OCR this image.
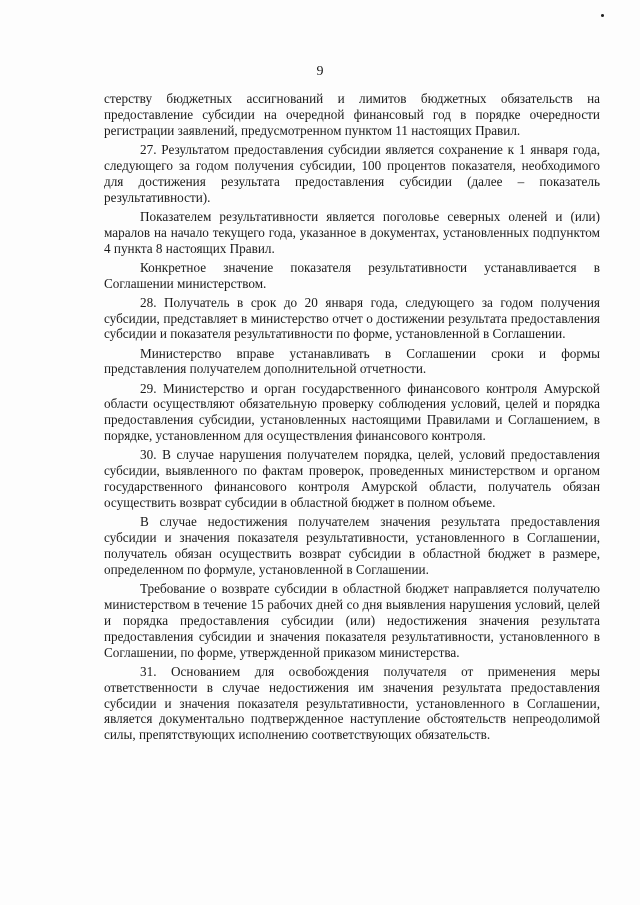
9

стерству бюджетных ассигнований и лимитов бюджетных обязательств на предоставление субсидии на очередной финансовый год в порядке очередности регистрации заявлений, предусмотренном пунктом 11 настоящих Правил.

27. Результатом предоставления субсидии является сохранение к 1 января года, следующего за годом получения субсидии, 100 процентов показателя, необходимого для достижения результата предоставления субсидии (далее – показатель результативности).

Показателем результативности является поголовье северных оленей и (или) маралов на начало текущего года, указанное в документах, установленных подпунктом 4 пункта 8 настоящих Правил.

Конкретное значение показателя результативности устанавливается в Соглашении министерством.

28. Получатель в срок до 20 января года, следующего за годом получения субсидии, представляет в министерство отчет о достижении результата предоставления субсидии и показателя результативности по форме, установленной в Соглашении.

Министерство вправе устанавливать в Соглашении сроки и формы представления получателем дополнительной отчетности.

29. Министерство и орган государственного финансового контроля Амурской области осуществляют обязательную проверку соблюдения условий, целей и порядка предоставления субсидии, установленных настоящими Правилами и Соглашением, в порядке, установленном для осуществления финансового контроля.

30. В случае нарушения получателем порядка, целей, условий предоставления субсидии, выявленного по фактам проверок, проведенных министерством и органом государственного финансового контроля Амурской области, получатель обязан осуществить возврат субсидии в областной бюджет в полном объеме.

В случае недостижения получателем значения результата предоставления субсидии и значения показателя результативности, установленного в Соглашении, получатель обязан осуществить возврат субсидии в областной бюджет в размере, определенном по формуле, установленной в Соглашении.

Требование о возврате субсидии в областной бюджет направляется получателю министерством в течение 15 рабочих дней со дня выявления нарушения условий, целей и порядка предоставления субсидии (или) недостижения значения результата предоставления субсидии и значения показателя результативности, установленного в Соглашении, по форме, утвержденной приказом министерства.

31. Основанием для освобождения получателя от применения меры ответственности в случае недостижения им значения результата предоставления субсидии и значения показателя результативности, установленного в Соглашении, является документально подтвержденное наступление обстоятельств непреодолимой силы, препятствующих исполнению соответствующих обязательств.
